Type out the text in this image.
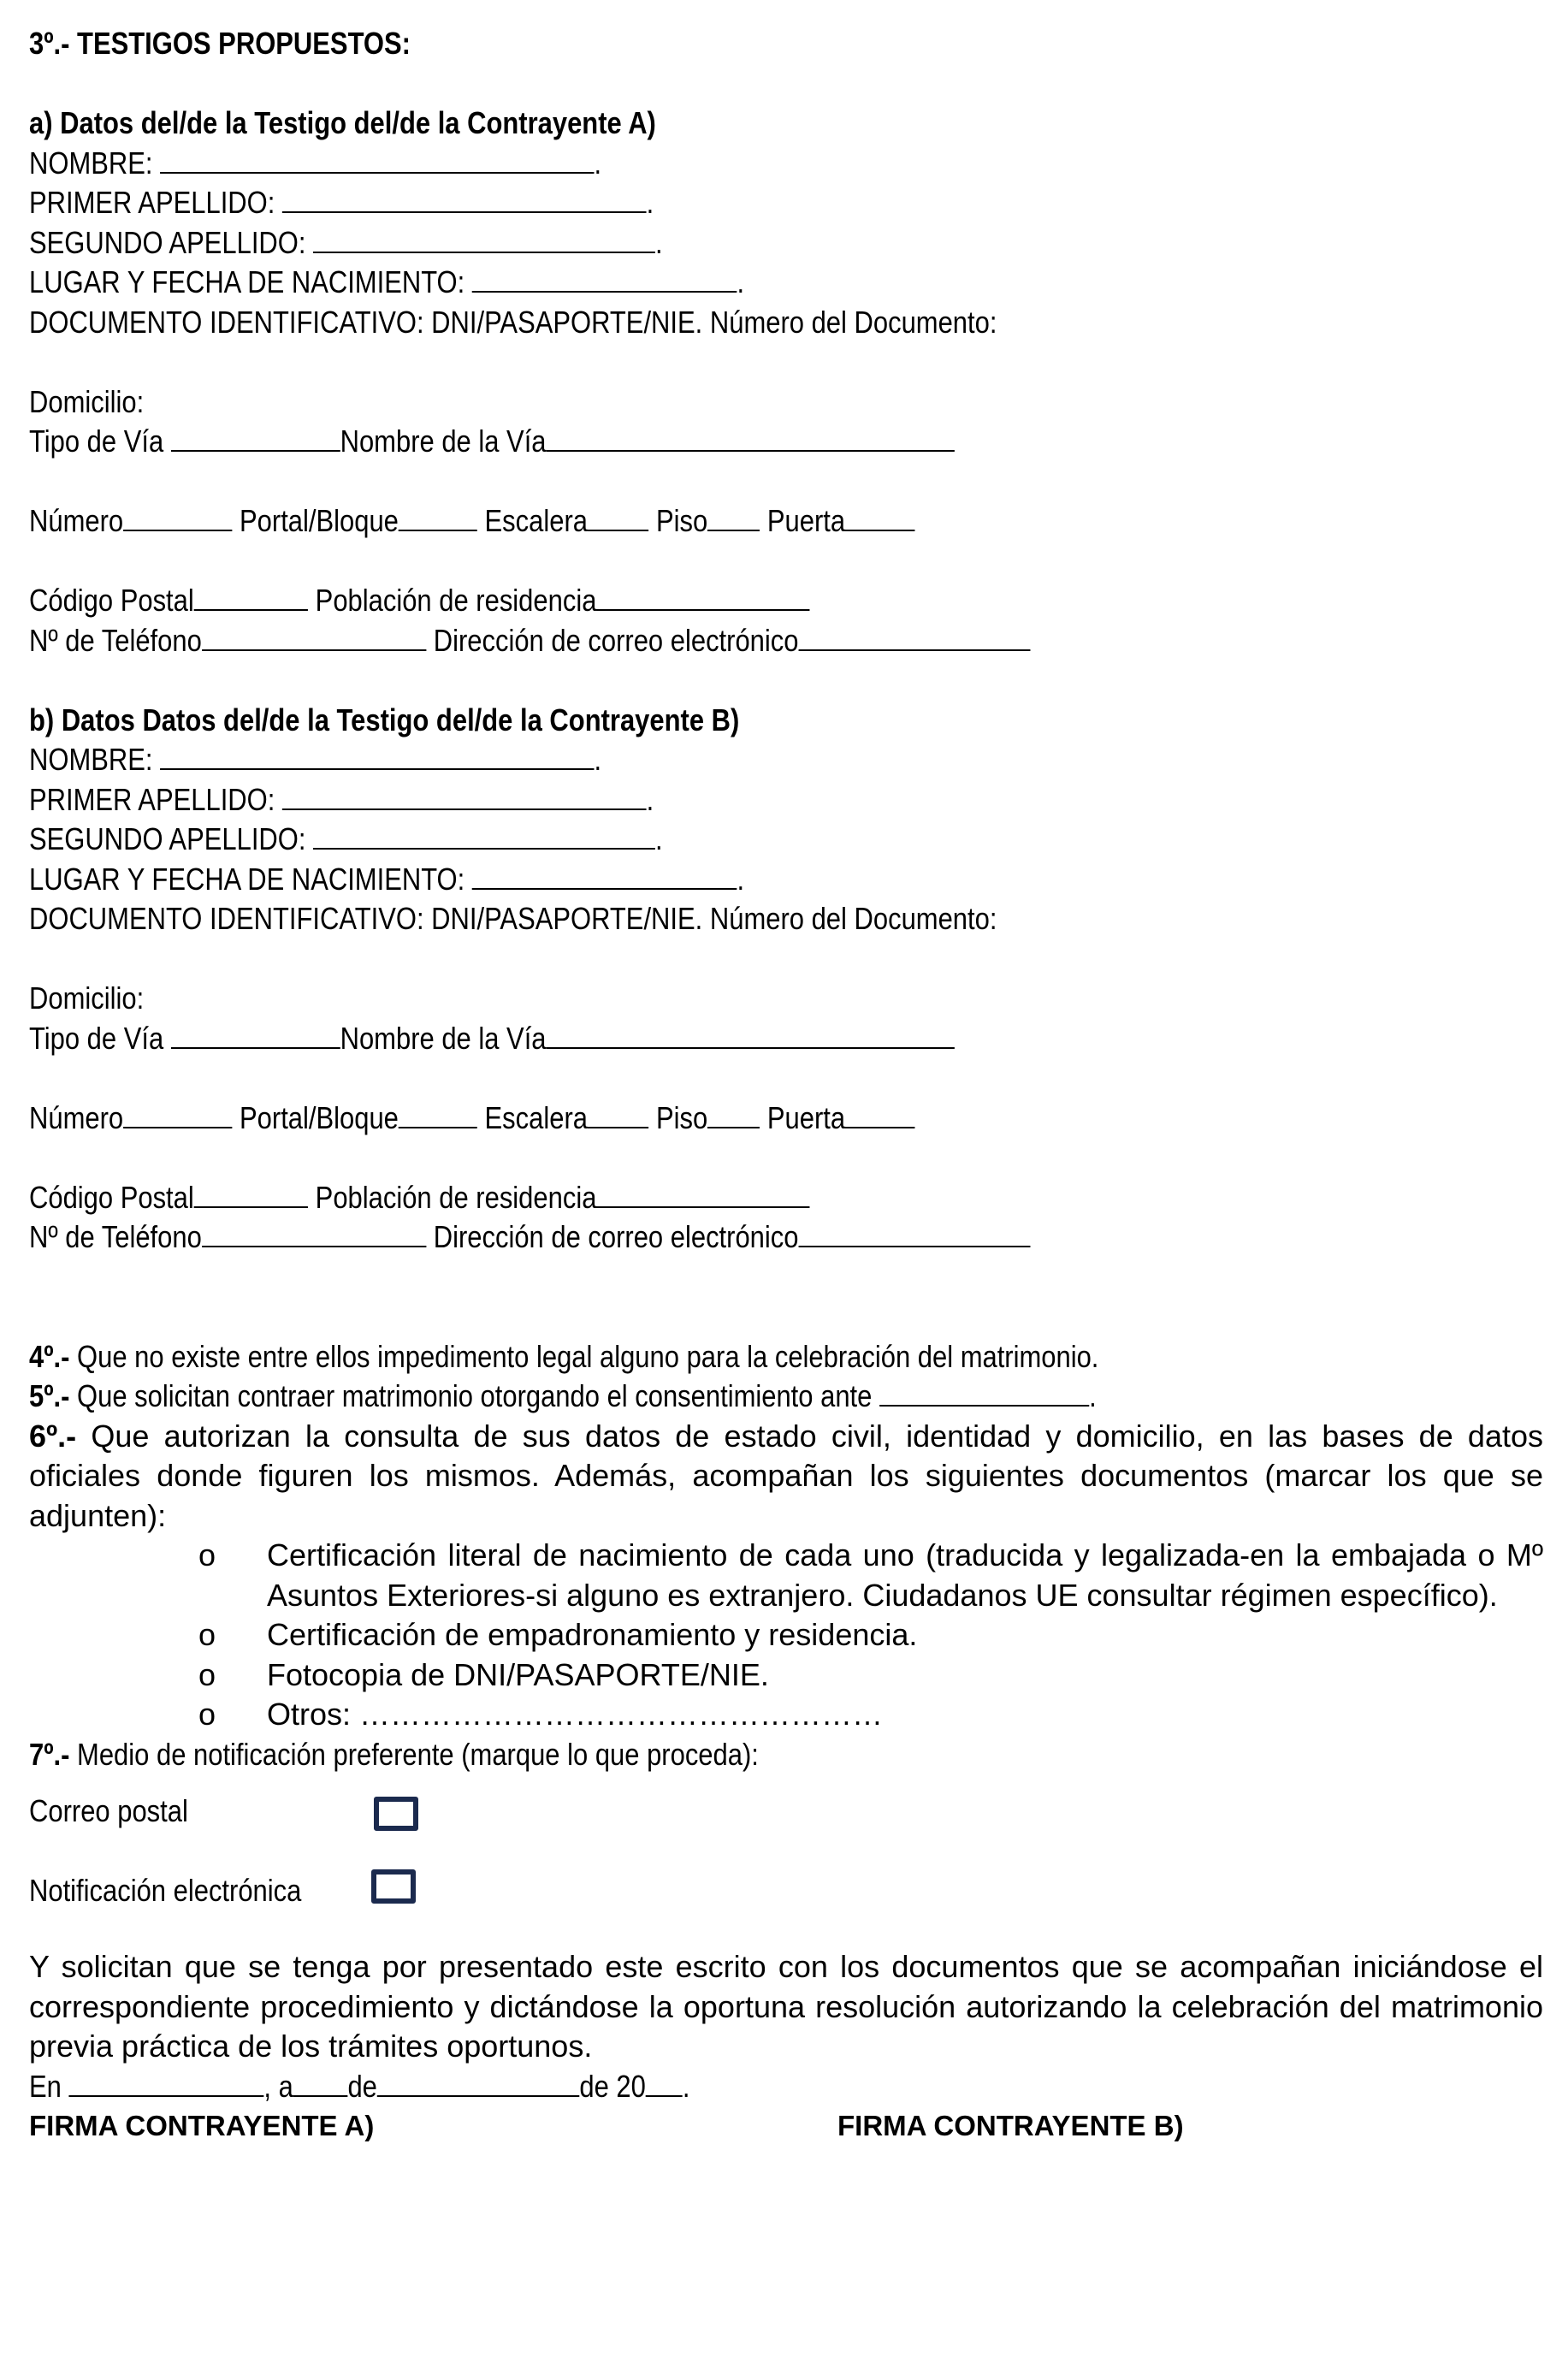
3º.- TESTIGOS PROPUESTOS:
a) Datos del/de la Testigo del/de la Contrayente A)
NOMBRE:	.
PRIMER APELLIDO:	.
SEGUNDO APELLIDO:	.
LUGAR Y FECHA DE NACIMIENTO:	.
DOCUMENTO IDENTIFICATIVO: DNI/PASAPORTE/NIE. Número del Documento:
Domicilio:
Tipo de Vía	Nombre de la Vía
Número	Portal/Bloque	Escalera Piso Puerta
Código Postal	Población de residencia
Nº de Teléfono	Dirección de correo electrónico
b) Datos Datos del/de la Testigo del/de la Contrayente B)
NOMBRE:	.
PRIMER APELLIDO:	.
SEGUNDO APELLIDO:	.
LUGAR Y FECHA DE NACIMIENTO:	.
DOCUMENTO IDENTIFICATIVO: DNI/PASAPORTE/NIE. Número del Documento:
Domicilio:
Tipo de Vía	Nombre de la Vía
Número	Portal/Bloque	Escalera Piso Puerta
Código Postal	Población de residencia
Nº de Teléfono	Dirección de correo electrónico
4º.- Que no existe entre ellos impedimento legal alguno para la celebración del matrimonio.
5º.- Que solicitan contraer matrimonio otorgando el consentimiento ante	.
6º.- Que autorizan la consulta de sus datos de estado civil, identidad y domicilio, en las bases de datos oficiales donde figuren los mismos. Además, acompañan los siguientes documentos (marcar los que se adjunten):
o	Certificación literal de nacimiento de cada uno (traducida y legalizada-en la embajada o Mº Asuntos Exteriores-si alguno es extranjero. Ciudadanos UE consultar régimen específico).
o	Certificación de empadronamiento y residencia.
o	Fotocopia de DNI/PASAPORTE/NIE.
o	Otros: ……………………………………………
7º.- Medio de notificación preferente (marque lo que proceda):
Correo postal
Notificación electrónica
Y solicitan que se tenga por presentado este escrito con los documentos que se acompañan iniciándose el correspondiente procedimiento y dictándose la oportuna resolución autorizando la celebración del matrimonio previa práctica de los trámites oportunos.
En	, a de	de 20 .
FIRMA CONTRAYENTE A)	FIRMA CONTRAYENTE B)
